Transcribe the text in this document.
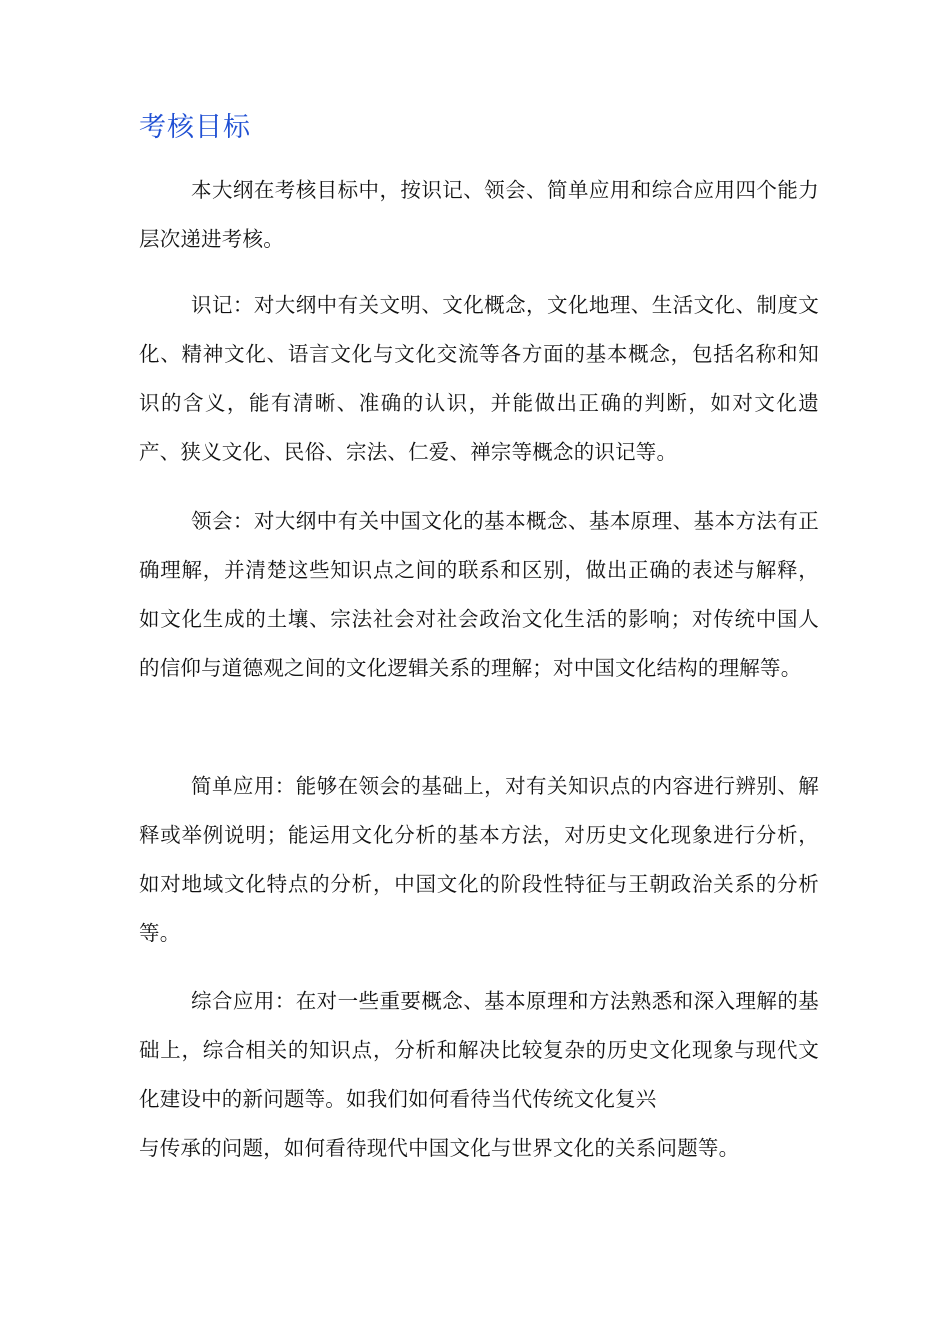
考核目标

本大纲在考核目标中，按识记、领会、简单应用和综合应用四个能力层次递进考核。

识记：对大纲中有关文明、文化概念，文化地理、生活文化、制度文化、精神文化、语言文化与文化交流等各方面的基本概念，包括名称和知识的含义，能有清晰、准确的认识，并能做出正确的判断，如对文化遗产、狭义文化、民俗、宗法、仁爱、禅宗等概念的识记等。

领会：对大纲中有关中国文化的基本概念、基本原理、基本方法有正确理解，并清楚这些知识点之间的联系和区别，做出正确的表述与解释，如文化生成的土壤、宗法社会对社会政治文化生活的影响；对传统中国人的信仰与道德观之间的文化逻辑关系的理解；对中国文化结构的理解等。

简单应用：能够在领会的基础上，对有关知识点的内容进行辨别、解释或举例说明；能运用文化分析的基本方法，对历史文化现象进行分析，如对地域文化特点的分析，中国文化的阶段性特征与王朝政治关系的分析等。

综合应用：在对一些重要概念、基本原理和方法熟悉和深入理解的基础上，综合相关的知识点，分析和解决比较复杂的历史文化现象与现代文化建设中的新问题等。如我们如何看待当代传统文化复兴
与传承的问题，如何看待现代中国文化与世界文化的关系问题等。
